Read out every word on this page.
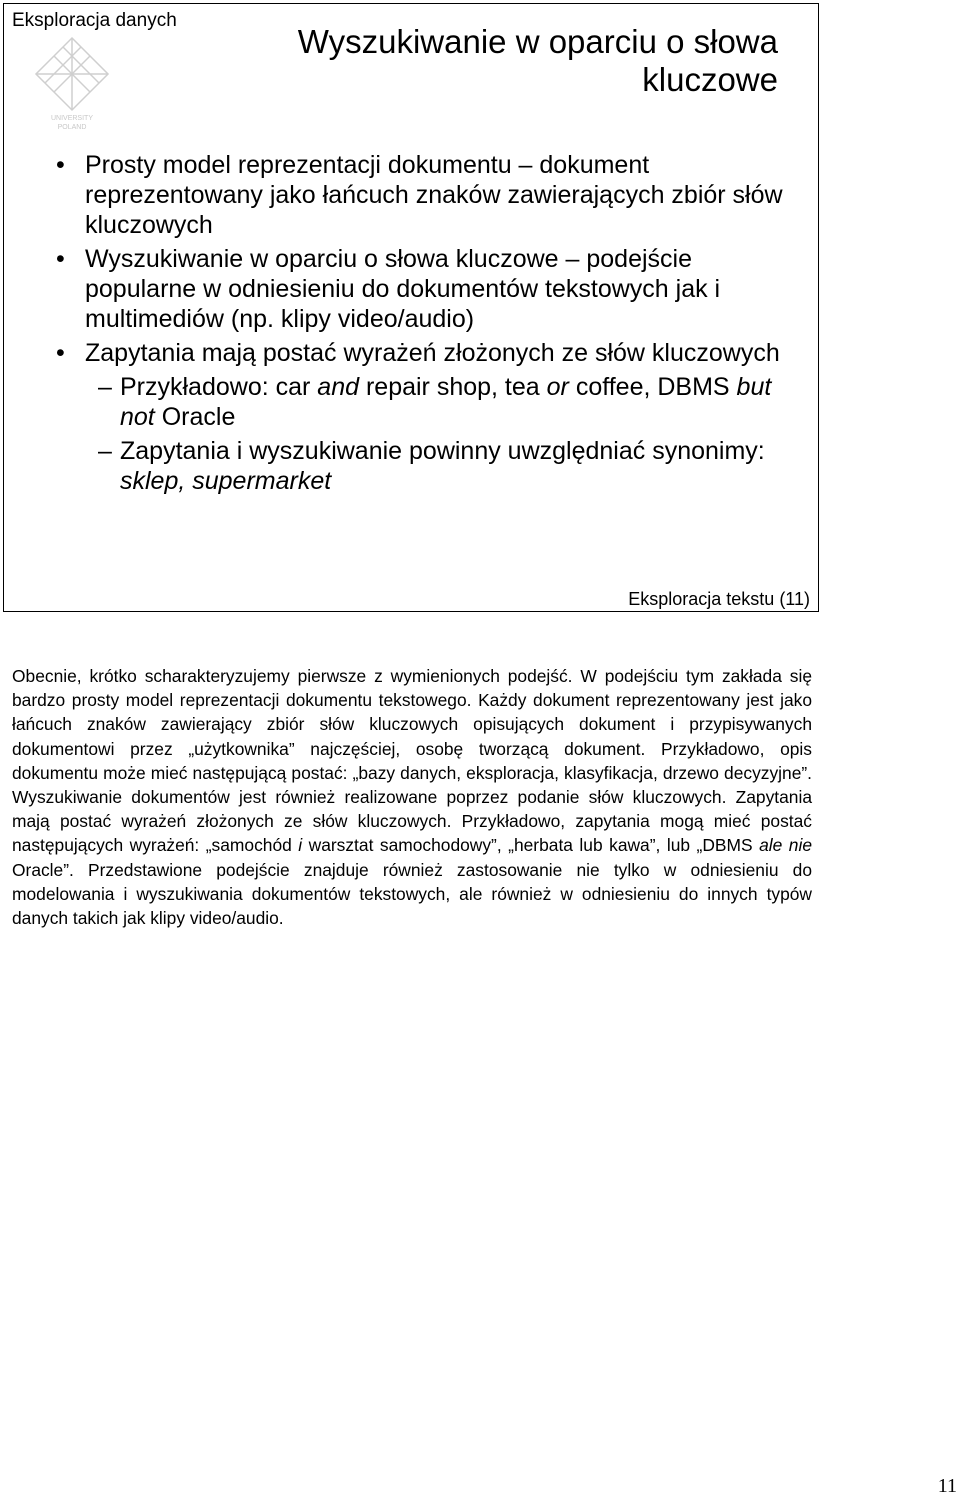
Eksploracja danych
UNIVERSITY
POLAND
Wyszukiwanie w oparciu o słowa
kluczowe
• Prosty model reprezentacji dokumentu – dokument reprezentowany jako łańcuch znaków zawierających zbiór słów kluczowych
• Wyszukiwanie w oparciu o słowa kluczowe – podejście popularne w odniesieniu do dokumentów tekstowych jak i multimediów (np. klipy video/audio)
• Zapytania mają postać wyrażeń złożonych ze słów kluczowych
– Przykładowo: car and repair shop, tea or coffee, DBMS but not Oracle
– Zapytania i wyszukiwanie powinny uwzględniać synonimy: sklep, supermarket
Eksploracja tekstu (11)

Obecnie, krótko scharakteryzujemy pierwsze z wymienionych podejść. W podejściu tym zakłada się bardzo prosty model reprezentacji dokumentu tekstowego. Każdy dokument reprezentowany jest jako łańcuch znaków zawierający zbiór słów kluczowych opisujących dokument i przypisywanych dokumentowi przez „użytkownika” najczęściej, osobę tworzącą dokument. Przykładowo, opis dokumentu może mieć następującą postać: „bazy danych, eksploracja, klasyfikacja, drzewo decyzyjne”. Wyszukiwanie dokumentów jest również realizowane poprzez podanie słów kluczowych. Zapytania mają postać wyrażeń złożonych ze słów kluczowych. Przykładowo, zapytania mogą mieć postać następujących wyrażeń: „samochód i warsztat samochodowy”, „herbata lub kawa”, lub „DBMS ale nie Oracle”. Przedstawione podejście znajduje również zastosowanie nie tylko w odniesieniu do modelowania i wyszukiwania dokumentów tekstowych, ale również w odniesieniu do innych typów danych takich jak klipy video/audio.

11
